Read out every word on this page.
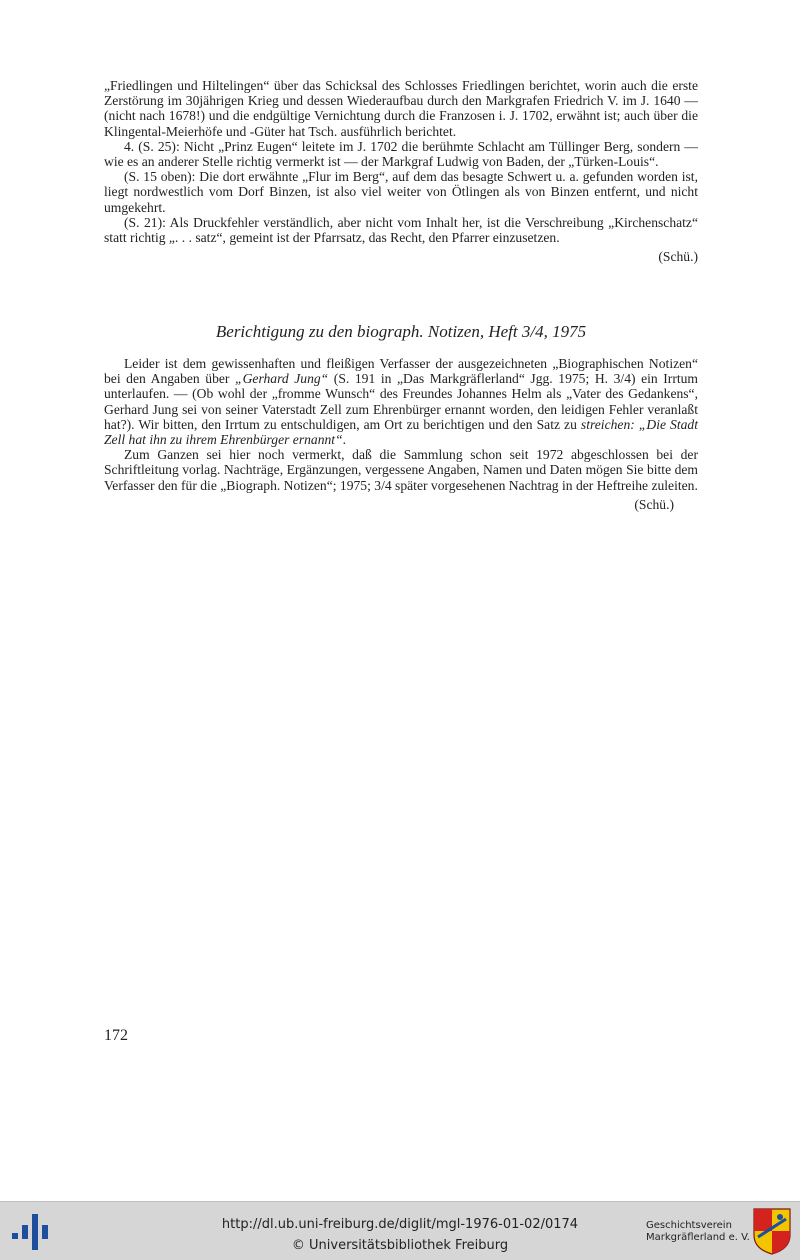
„Friedlingen und Hiltelingen“ über das Schicksal des Schlosses Friedlingen berichtet, worin auch die erste Zerstörung im 30jährigen Krieg und dessen Wiederaufbau durch den Markgrafen Friedrich V. im J. 1640 — (nicht nach 1678!) und die endgültige Vernichtung durch die Franzosen i. J. 1702, erwähnt ist; auch über die Klingental-Meierhöfe und -Güter hat Tsch. ausführlich berichtet.

4. (S. 25): Nicht „Prinz Eugen“ leitete im J. 1702 die berühmte Schlacht am Tüllinger Berg, sondern — wie es an anderer Stelle richtig vermerkt ist — der Markgraf Ludwig von Baden, der „Türken-Louis“.

(S. 15 oben): Die dort erwähnte „Flur im Berg“, auf dem das besagte Schwert u. a. gefunden worden ist, liegt nordwestlich vom Dorf Binzen, ist also viel weiter von Ötlingen als von Binzen entfernt, und nicht umgekehrt.

(S. 21): Als Druckfehler verständlich, aber nicht vom Inhalt her, ist die Verschreibung „Kirchenschatz“ statt richtig „. . . satz“, gemeint ist der Pfarrsatz, das Recht, den Pfarrer einzusetzen.

(Schü.)

Berichtigung zu den biograph. Notizen, Heft 3/4, 1975

Leider ist dem gewissenhaften und fleißigen Verfasser der ausgezeichneten „Biographischen Notizen“ bei den Angaben über „Gerhard Jung“ (S. 191 in „Das Markgräflerland“ Jgg. 1975; H. 3/4) ein Irrtum unterlaufen. — (Ob wohl der „fromme Wunsch“ des Freundes Johannes Helm als „Vater des Gedankens“, Gerhard Jung sei von seiner Vaterstadt Zell zum Ehrenbürger ernannt worden, den leidigen Fehler veranlaßt hat?). Wir bitten, den Irrtum zu entschuldigen, am Ort zu berichtigen und den Satz zu streichen: „Die Stadt Zell hat ihn zu ihrem Ehrenbürger ernannt“.

Zum Ganzen sei hier noch vermerkt, daß die Sammlung schon seit 1972 abgeschlossen bei der Schriftleitung vorlag. Nachträge, Ergänzungen, vergessene Angaben, Namen und Daten mögen Sie bitte dem Verfasser den für die „Biograph. Notizen“; 1975; 3/4 später vorgesehenen Nachtrag in der Heftreihe zuleiten.

(Schü.)

172
http://dl.ub.uni-freiburg.de/diglit/mgl-1976-01-02/0174
© Universitätsbibliothek Freiburg
Geschichtsverein
Markgräflerland e. V.
